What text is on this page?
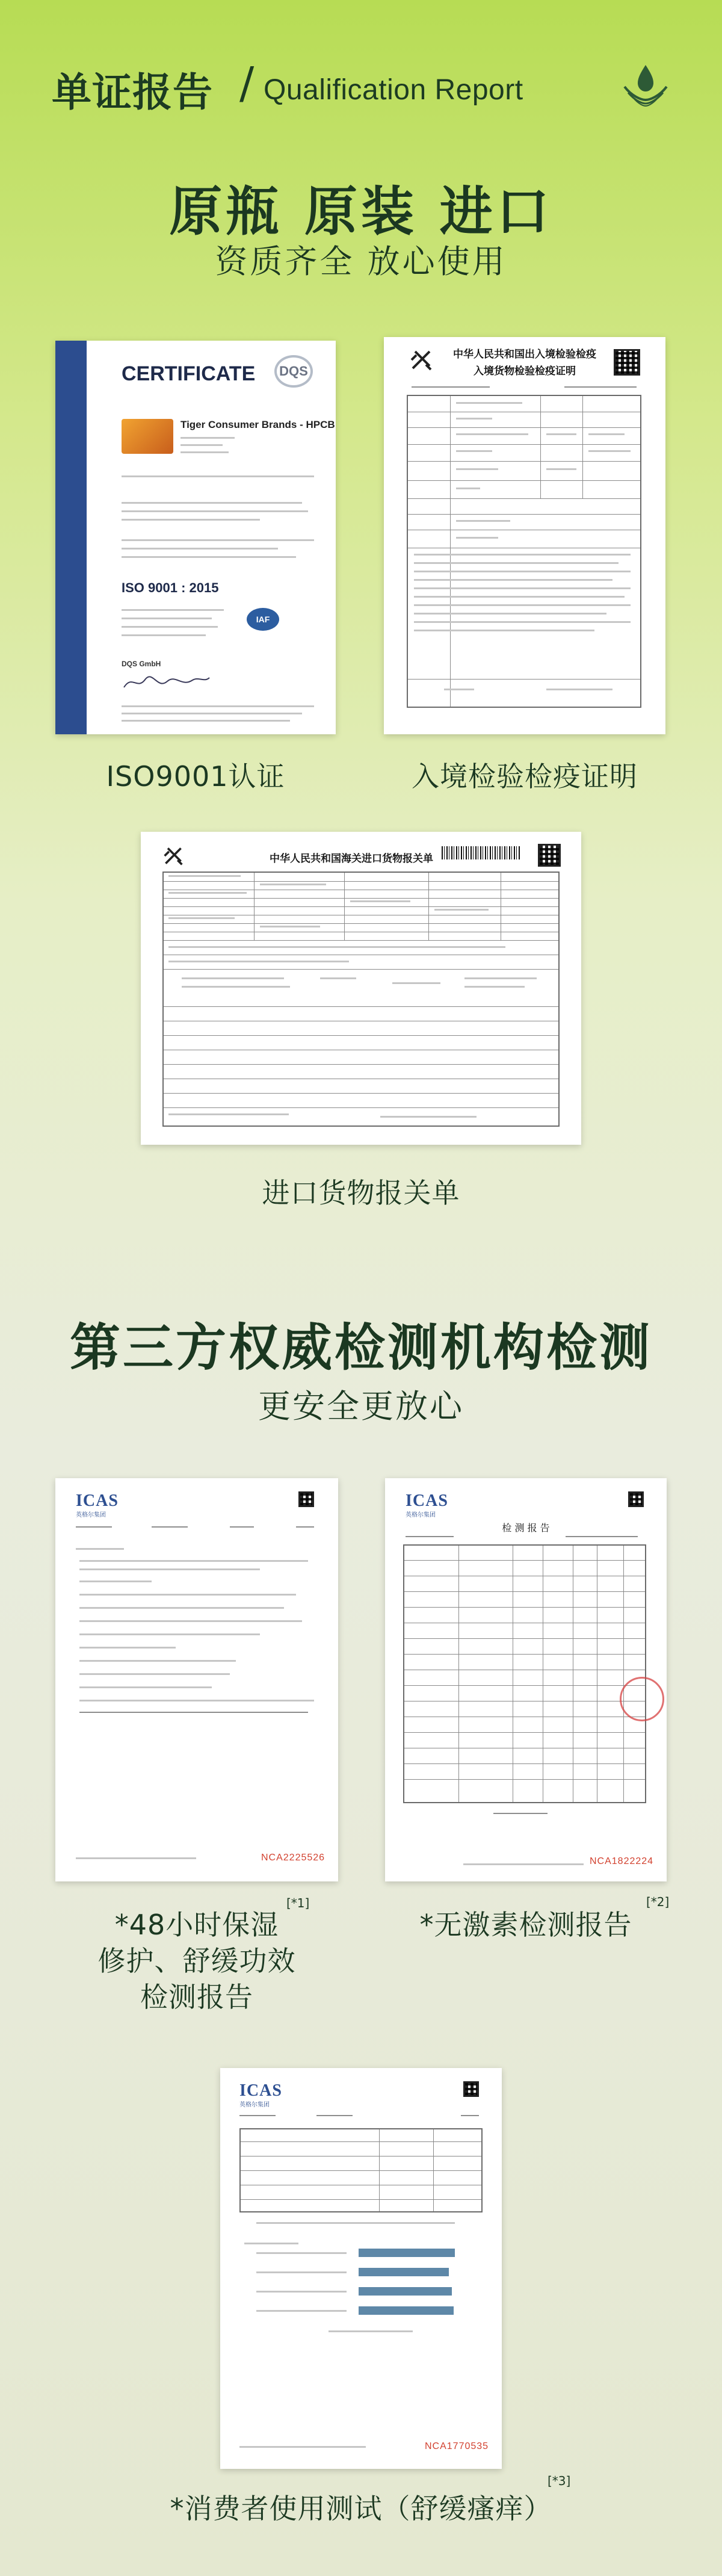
单证报告 / Qualification Report
原瓶 原装 进口
资质齐全 放心使用
CERTIFICATE	DQS
Tiger Consumer Brands - HPCB
ISO 9001 : 2015
IAF
DQS GmbH
ISO9001认证
中华人民共和国出入境检验检疫
入境货物检验检疫证明
入境检验检疫证明
中华人民共和国海关进口货物报关单
进口货物报关单
第三方权威检测机构检测
更安全更放心
ICAS
英格尔集团
NCA2225526
ICAS
英格尔集团
检 测 报 告
NCA1822224
*48小时保湿
[*1]
修护、舒缓功效
检测报告
*无激素检测报告
[*2]
ICAS
英格尔集团
NCA1770535
*消费者使用测试（舒缓瘙痒）
[*3]
